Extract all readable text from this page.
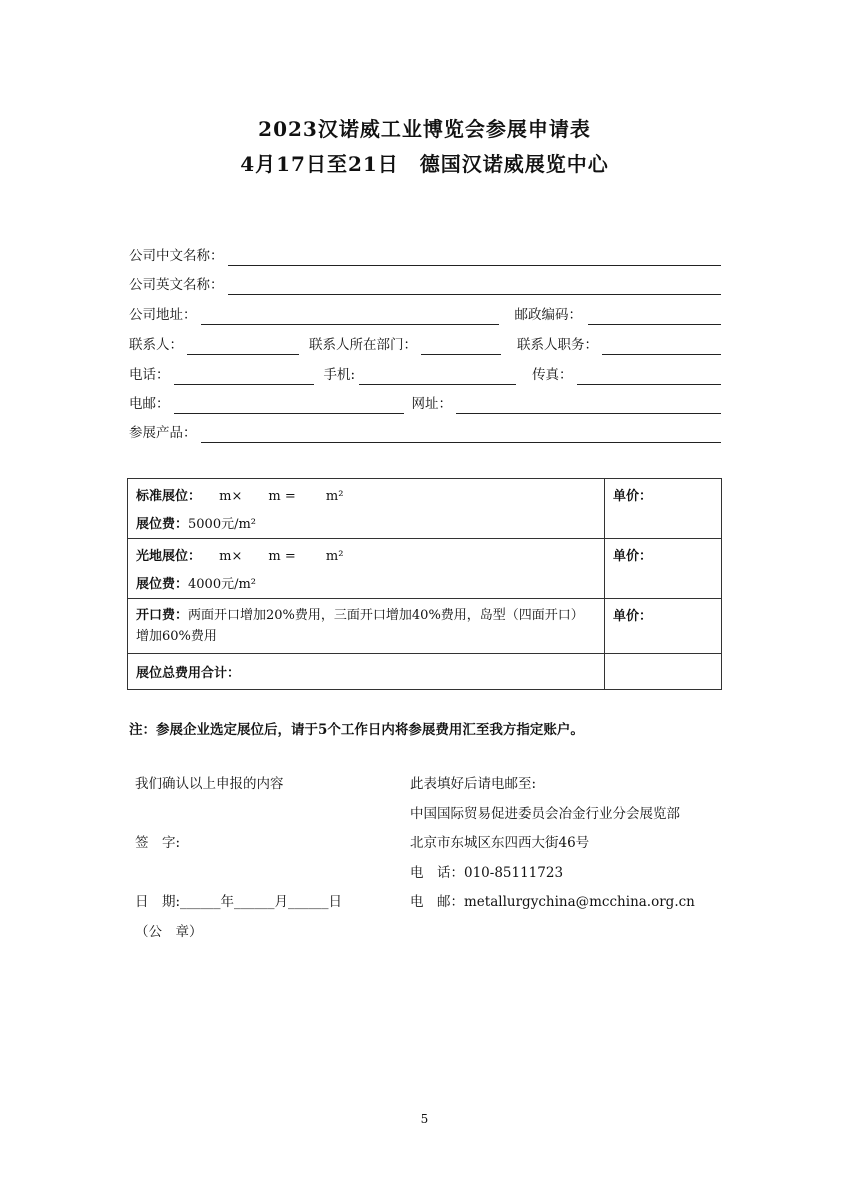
2023汉诺威工业博览会参展申请表
4月17日至21日　德国汉诺威展览中心
公司中文名称：
公司英文名称：
公司地址：	邮政编码：
联系人：	联系人所在部门：	联系人职务：
电话：	手机:	传真：
电邮：	网址：
参展产品：
标准展位： m×　　m =　　 m²
展位费：5000元/m²	单价：

光地展位： m×　　m =　　 m²
展位费：4000元/m²	单价：
开口费：两面开口增加20%费用，三面开口增加40%费用，岛型（四面开口）增加60%费用	单价：
展位总费用合计：	
注：参展企业选定展位后，请于5个工作日内将参展费用汇至我方指定账户。
我们确认以上申报的内容
签　字:
日　期:______年______月______日
（公　章）
此表填好后请电邮至:
中国国际贸易促进委员会冶金行业分会展览部
北京市东城区东四西大街46号
电　话：010-85111723
电　邮：metallurgychina@mcchina.org.cn
5
